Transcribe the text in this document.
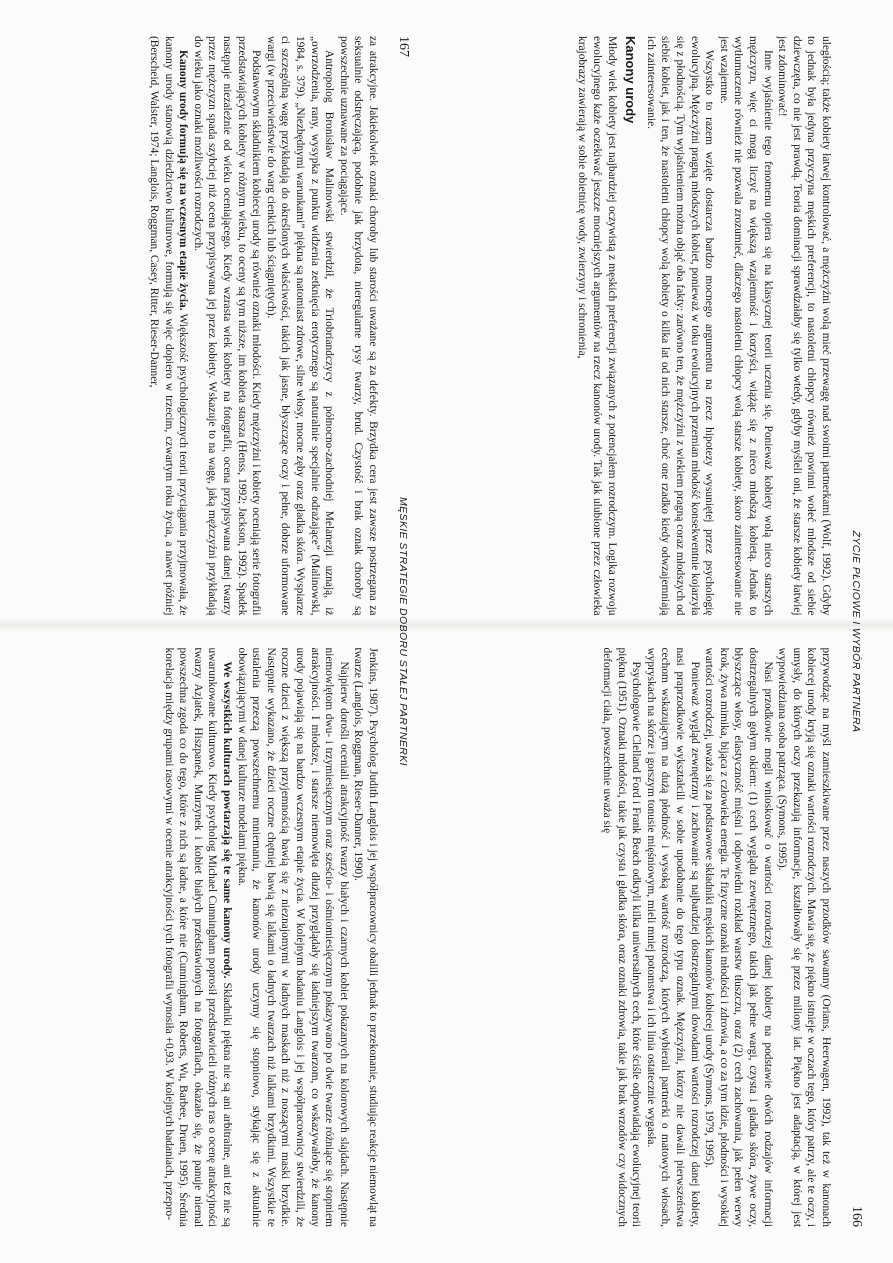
ŻYCIE PŁCIOWE I WYBÓR PARTNERA
166

uległością; także kobiety łatwej kontrolować, a mężczyźni wolą mieć przewagę nad swoimi partnerkami (Wolf, 1992). Gdyby to jednak była jedyna przyczyna męskich preferencji, to nastoletni chłopcy również powinni wołeć młodsze od siebie dziewczęta, co nie jest prawdą. Teoria dominacji sprawdzałaby się tylko wtedy, gdyby myśleli oni, że starsze kobiety łatwiej jest zdominować!

Inne wyjaśnienie tego fenomenu opiera się na klasycznej teorii uczenia się. Ponieważ kobiety wolą nieco starszych mężczyzn, więc ci mogą liczyć na większą wzajemność i korzyści, wiążąc się z nieco młodszą kobietą. Jednak to wytłumaczenie również nie pozwala zrozumieć, dlaczego nastoletni chłopcy wolą starsze kobiety, skoro zainteresowanie nie jest wzajemne.

Wszystko to razem wzięte dostarcza bardzo mocnego argumentu na rzecz hipotezy wysuniętej przez psychologię ewolucyjną. Mężczyźni pragną młodszych kobiet, ponieważ w toku ewolucyjnych przemian młodość konsekwentnie kojarzyła się z płodnością. Tym wyjaśnieniem można objąć oba fakty: zarówno ten, że mężczyźni z wiekiem pragną coraz młodszych od siebie kobiet, jak i ten, że nastoletni chłopcy wolą kobiety o kilka lat od nich starsze, choć one rzadko kiedy odwzajemniają ich zainteresowanie.

Kanony urody

Młody wiek kobiety jest najbardziej oczywistą z męskich preferencji związanych z potencjałem rozrodczym. Logika rozwoju ewolucyjnego każe oczekiwać jeszcze mocniejszych argumentów na rzecz kanonów urody. Tak jak ulubione przez człowieka krajobrazy zawierają w sobie obietnicę wody, zwierzyny i schronienia,

przywodząc na myśl zamieszkiwane przez naszych przodków sawanny (Orians, Heerwagen, 1992), tak też w kanonach kobiecej urody kryją się oznaki wartości rozrodczych. Mawia się, że piękno istnieje w oczach tego, który patrzy, ale te oczy, i umysły, do których oczy przekazują informacje, kształtowały się przez miliony lat. Piękno jest adaptacją, w której jest wypowiedziana osoba patrząca. (Symons, 1995).

Nasi przodkowie mogli wnioskować o wartości rozrodczej danej kobiety na podstawie dwóch rodzajów informacji dostrzegalnych gołym okiem: (1) cech wyglądu zewnętrznego, takich jak pełne wargi, czysta i gładka skóra, żywe oczy, błyszczące włosy, elastyczność mięśni i odpowiedni rozkład warstw tłuszczu, oraz (2) cech zachowania, jak pełen werwy krok, żywa mimika, bijąca z człowieka energia. Te fizyczne oznaki młodości i zdrowia, a co za tym idzie, płodności i wysokiej wartości rozrodczej, uważa się za podstawowe składniki męskich kanonów kobiecej urody (Symons, 1979, 1995).

Ponieważ wygląd zewnętrzny i zachowanie są najbardziej dostrzegalnymi dowodami wartości rozrodczej danej kobiety, nasi praprzodkowie wykształcili w sobie upodobanie do tego typu oznak. Mężczyźni, którzy nie dawali pierwszeństwa cechom wskazującym na dużą płodność i wysoką wartość rozrodczą, których wybierali partnerki o matowych włosach, wypryskach na skórze i gorszym tonusie mięśniowym, mieli mniej potomstwa i ich linia ostatecznie wygasła.

Psychologowie Clelland Ford i Frank Beach odkryli kilka uniwersalnych cech, które ściśle odpowiadają ewolucyjnej teorii piękna (1951). Oznaki młodości, takie jak czysta i gładka skóra, oraz oznaki zdrowia, takie jak brak wrzodów czy widocznych deformacji ciała, powszechnie uważa się

167
MĘSKIE STRATEGIE DOBORU STAŁEJ PARTNERKI

za atrakcyjne. Jakiekolwiek oznaki choroby lub starości uważane są za defekty. Brzydka cera jest zawsze postrzegana za seksualnie odstręczającą, podobnie jak brzydota, nieregularne rysy twarzy, brud. Czystość i brak oznak choroby są powszechnie uznawane za pociągające.

Antropolog Bronisław Malinowski stwierdził, że Triobriandczycy z północno-zachodniej Melanezji uznają, iż „owrzodzenia, rany, wysypka z punktu widzenia zetknięcia erotycznego są naturalnie specjalnie odrażające” (Malinowski, 1984, s. 379). „Niezbędnymi warunkami” piękna są natomiast zdrowe, silne włosy, mocne zęby oraz gładka skóra. Wyspiarze ci szczególną wagę przykładają do określonych właściwości, takich jak jasne, błyszczące oczy i pełne, dobrze uformowane wargi (w przeciwieństwie do warg cienkich lub ściągniętych).

Podstawowym składnikiem kobiecej urody są również oznaki młodości. Kiedy mężczyźni i kobiety oceniają serie fotografii przedstawiających kobiety w różnym wieku, to oceny są tym niższe, im kobieta starsza (Henss, 1992; Jackson, 1992). Spadek następuje niezależnie od wieku oceniającego. Kiedy wzrasta wiek kobiety na fotografii, ocena przypisywana danej twarzy przez mężczyzn spada szybciej niż ocena przypisywana jej przez kobiety. Wskazuje to na wagę, jaką mężczyźni przykładają do wieku jako oznaki możliwości rozrodczych.

Kanony urody formują się na wczesnym etapie życia. Większość psychologicznych teorii przyciągania przyjmowała, że kanony urody stanowią dziedzictwo kulturowe, formują się więc dopiero w trzecim, czwartym roku życia, a nawet później (Berscheid, Walster, 1974; Langlois, Roggman, Casey, Ritter, Rieser-Danner,

Jenkins, 1987). Psycholog Judith Langlois i jej współpracownicy obalili jednak to przekonanie, studiując reakcje niemowląt na twarze (Langlois, Roggman, Rieser-Danner, 1990).

Najpierw dorośli oceniali atrakcyjność twarzy białych i czarnych kobiet pokazanych na kolorowych slajdach. Następnie niemowlętom dwu- i trzymiesięcznym oraz sześcio- i ośmiomiesięcznym pokazywano po dwie twarze różniące się stopniem atrakcyjności. I młodsze, i starsze niemowlęta dłużej przyglądały się ładniejszym twarzom, co wskazywałoby, że kanony urody pojawiają się na bardzo wczesnym etapie życia. W kolejnym badaniu Langlois i jej współpracownicy stwierdzili, że roczne dzieci z większą przyjemnością bawią się z nieznajomymi w ładnych maskach niż z noszącymi maski brzydkie. Następnie wykazano, że dzieci roczne chętniej bawią się lalkami o ładnych twarzach niż lalkami brzydkimi. Wszystkie te ustalenia przeczą powszechnemu mniemaniu, że kanonów urody uczymy się stopniowo, stykając się z aktualnie obowiązującymi w danej kulturze modelami piękna.

We wszystkich kulturach powtarzają się te same kanony urody. Składniki piękna nie są ani arbitralne, ani też nie są uwarunkowane kulturowo. Kiedy psycholog Michael Cunningham poprosił przedstawicieli różnych ras o ocenę atrakcyjności twarzy Azjatek, Hiszpanek, Murzynek i kobiet białych przedstawionych na fotografiach, okazało się, że panuje niemal powszechna zgoda co do tego, które z nich są ładne, a które nie (Cunningham, Roberts, Wu, Barbee, Druen, 1995). Średnia korelacja między grupami rasowymi w ocenie atrakcyjności tych fotografii wynosiła +0,93. W kolejnych badaniach, przepro-
